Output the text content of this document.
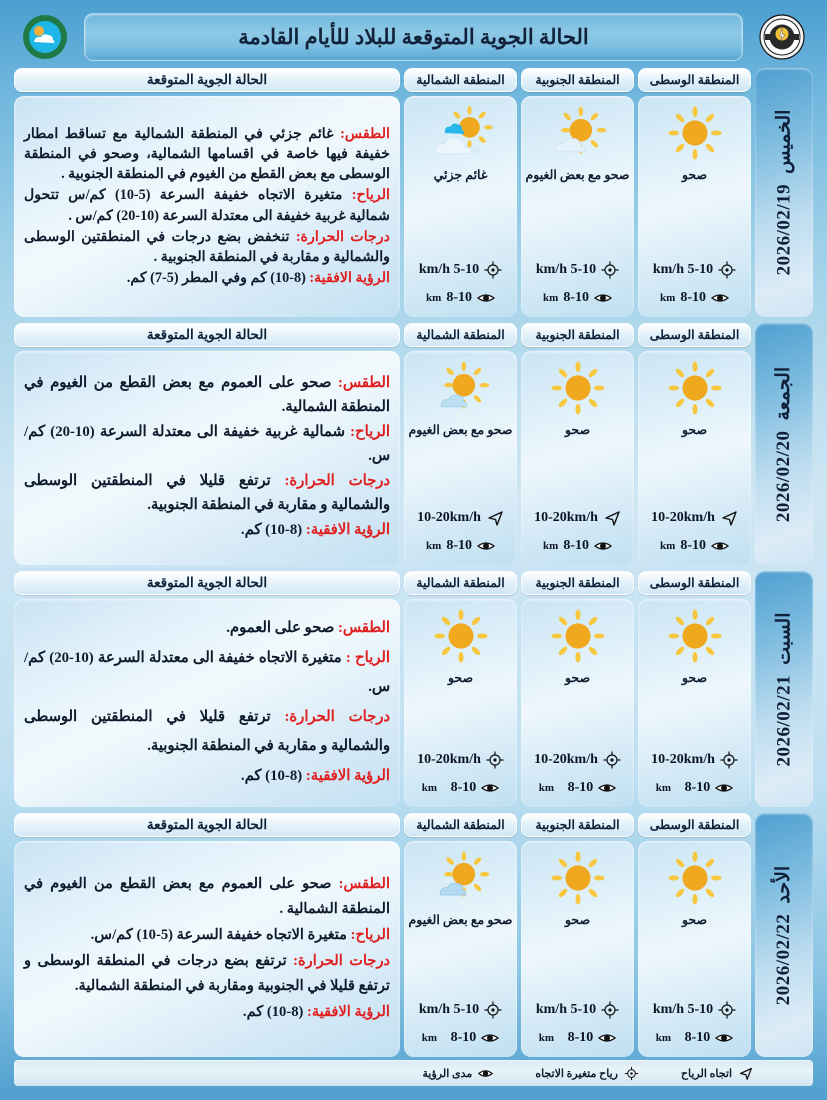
الحالة الجوية المتوقعة للبلاد للأيام القادمة
الخميس
2026/02/19
المنطقة الوسطى
صحو
5-10 km/h
8-10
km
المنطقة الجنوبية
صحو مع بعض الغيوم
5-10 km/h
8-10
km
المنطقة الشمالية
غائم جزئي
5-10 km/h
8-10
km
الحالة الجوية المتوقعة

الطقس: غائم جزئي في المنطقة الشمالية مع تساقط امطار خفيفة فيها خاصة في اقسامها الشمالية، وصحو في المنطقة الوسطى مع بعض القطع من الغيوم في المنطقة الجنوبية .

الرياح: متغيرة الاتجاه خفيفة السرعة (5-10) كم/س تتحول شمالية غربية خفيفة الى معتدلة السرعة (10-20) كم/س .

درجات الحرارة: تنخفض بضع درجات في المنطقتين الوسطى والشمالية و مقاربة في المنطقة الجنوبية .

الرؤية الافقية: (8-10) كم وفي المطر (5-7) كم.

الجمعة
2026/02/20
المنطقة الوسطى
صحو
10-20km/h
8-10
km
المنطقة الجنوبية
صحو
10-20km/h
8-10
km
المنطقة الشمالية
صحو مع بعض الغيوم
10-20km/h
8-10
km
الحالة الجوية المتوقعة

الطقس: صحو على العموم مع بعض القطع من الغيوم في المنطقة الشمالية.

الرياح: شمالية غربية خفيفة الى معتدلة السرعة (10-20) كم/س.

درجات الحرارة: ترتفع قليلا في المنطقتين الوسطى والشمالية و مقاربة في المنطقة الجنوبية.

الرؤية الافقية: (8-10) كم.

السبت
2026/02/21
المنطقة الوسطى
صحو
10-20km/h
8-10

km
المنطقة الجنوبية
صحو
10-20km/h
8-10

km
المنطقة الشمالية
صحو
10-20km/h
8-10

km
الحالة الجوية المتوقعة

الطقس: صحو على العموم.

الرياح : متغيرة الاتجاه خفيفة الى معتدلة السرعة (10-20) كم/س.

درجات الحرارة: ترتفع قليلا في المنطقتين الوسطى والشمالية و مقاربة في المنطقة الجنوبية.

الرؤية الافقية: (8-10) كم.

الأحد
2026/02/22
المنطقة الوسطى
صحو
5-10 km/h
8-10

km
المنطقة الجنوبية
صحو
5-10 km/h
8-10

km
المنطقة الشمالية
صحو مع بعض الغيوم
5-10 km/h
8-10

km
الحالة الجوية المتوقعة

الطقس: صحو على العموم مع بعض القطع من الغيوم في المنطقة الشمالية .

الرياح: متغيرة الاتجاه خفيفة السرعة (5-10) كم/س.

درجات الحرارة: ترتفع بضع درجات في المنطقة الوسطى و ترتفع قليلا في الجنوبية ومقاربة في المنطقة الشمالية.

الرؤية الافقية: (8-10) كم.

اتجاه الرياح
رياح متغيرة الاتجاه
مدى الرؤية
